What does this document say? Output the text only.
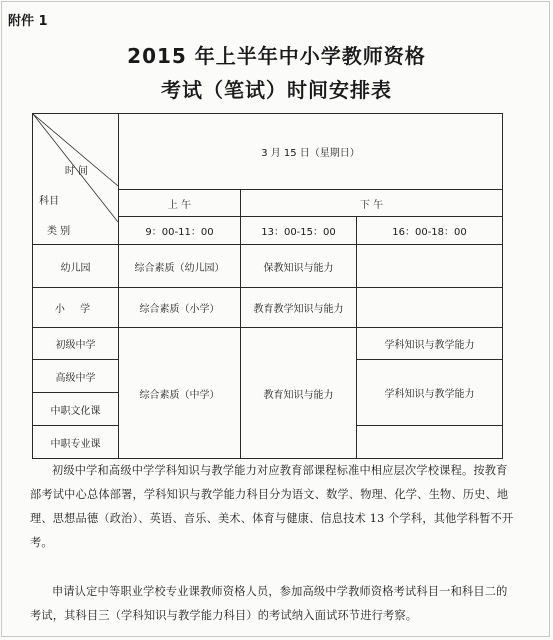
附件 1
2015 年上半年中小学教师资格
考试（笔试）时间安排表
时 间
科目
类 别	3 月 15 日（星期日）		
	上 午	下 午	
	9：00-11：00	13：00-15：00	16：00-18：00
幼儿园	综合素质（幼儿园）	保教知识与能力	
小 学	综合素质（小学）	教育教学知识与能力	
初级中学	综合素质（中学）	教育知识与能力	学科知识与教学能力
高级中学			学科知识与教学能力
中职文化课			
中职专业课			
初级中学和高级中学学科知识与教学能力对应教育部课程标准中相应层次学校课程。按教育部考试中心总体部署，学科知识与教学能力科目分为语文、数学、物理、化学、生物、历史、地理、思想品德（政治）、英语、音乐、美术、体育与健康、信息技术 13 个学科，其他学科暂不开考。
申请认定中等职业学校专业课教师资格人员，参加高级中学教师资格考试科目一和科目二的考试，其科目三（学科知识与教学能力科目）的考试纳入面试环节进行考察。
